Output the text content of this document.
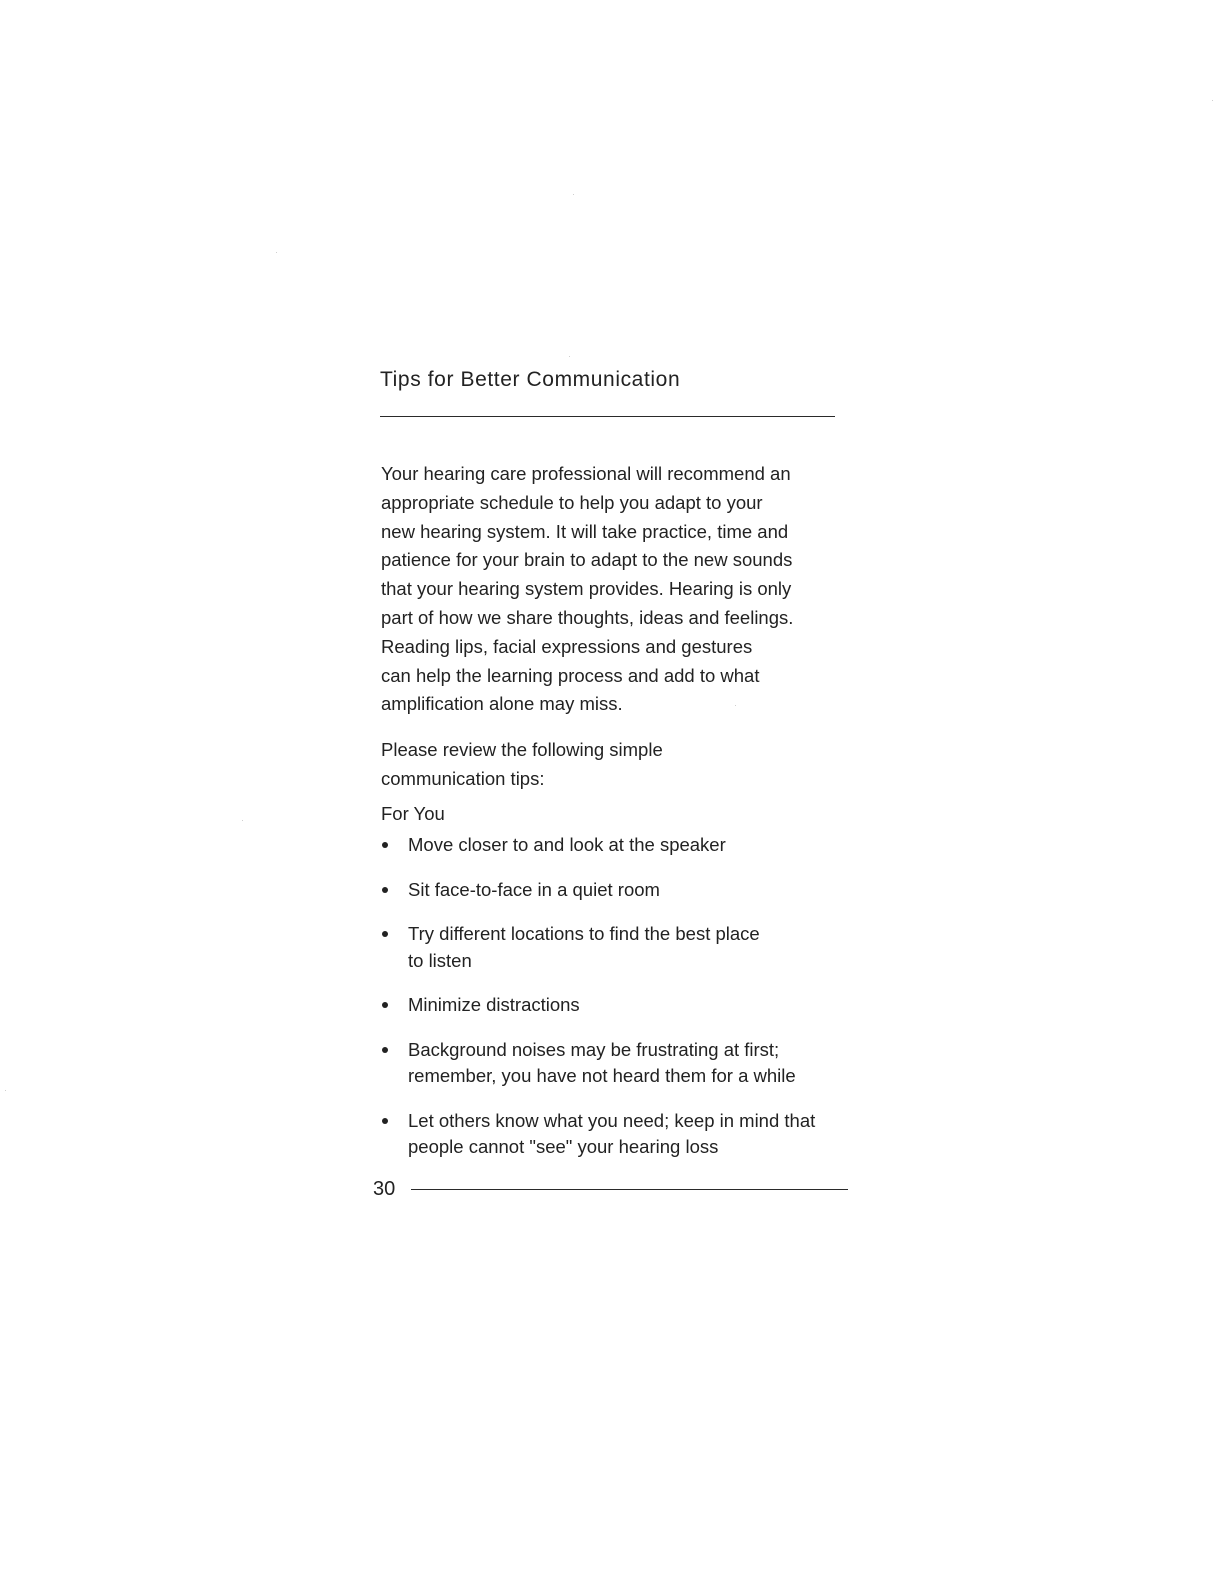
Tips for Better Communication
Your hearing care professional will recommend an
appropriate schedule to help you adapt to your
new hearing system. It will take practice, time and
patience for your brain to adapt to the new sounds
that your hearing system provides. Hearing is only
part of how we share thoughts, ideas and feelings.
Reading lips, facial expressions and gestures
can help the learning process and add to what
amplification alone may miss.
Please review the following simple
communication tips:
For You
Move closer to and look at the speaker
Sit face-to-face in a quiet room
Try different locations to find the best place
to listen
Minimize distractions
Background noises may be frustrating at first;
remember, you have not heard them for a while
Let others know what you need; keep in mind that
people cannot "see" your hearing loss
30
